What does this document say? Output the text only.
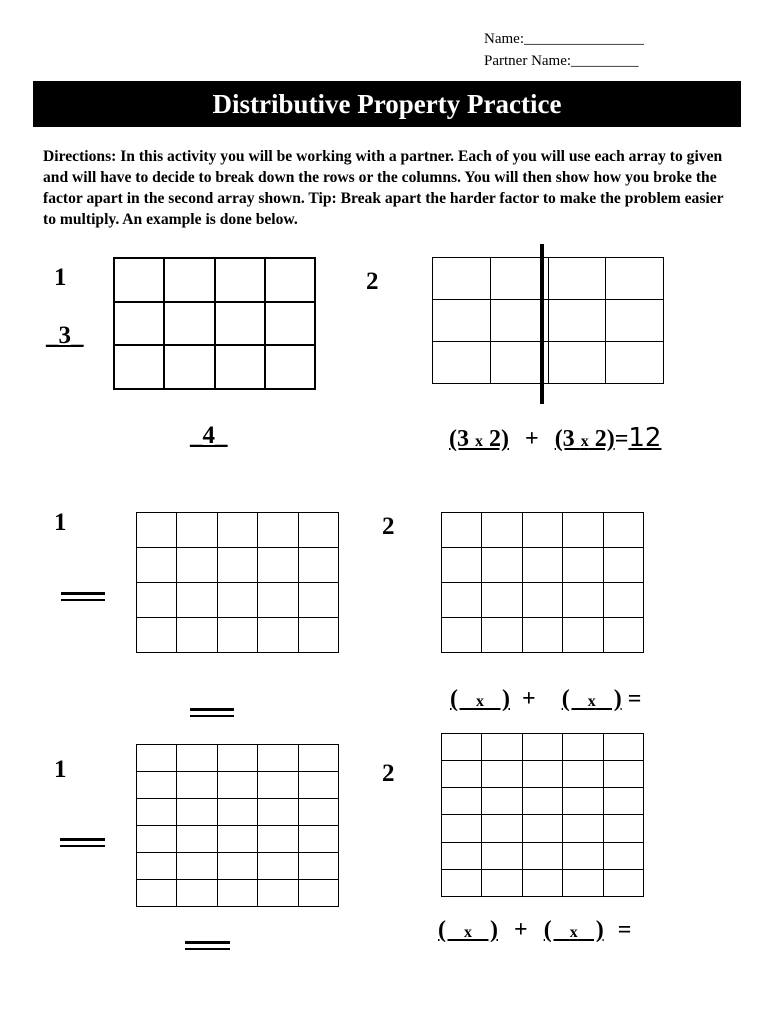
Name:________________
Partner Name:_________
Distributive Property Practice
Directions: In this activity you will be working with a partner. Each of you will use each array to given and will have to decide to break down the rows or the columns. You will then show how you broke the factor apart in the second array shown. Tip: Break apart the harder factor to make the problem easier to multiply. An example is done below.
1	2
_3_
_4_

				(3 x 2) + (3 x 2)=12
1	2

(   x   ) + (   x   ) =
1	2

(   x   ) + (   x   ) =
